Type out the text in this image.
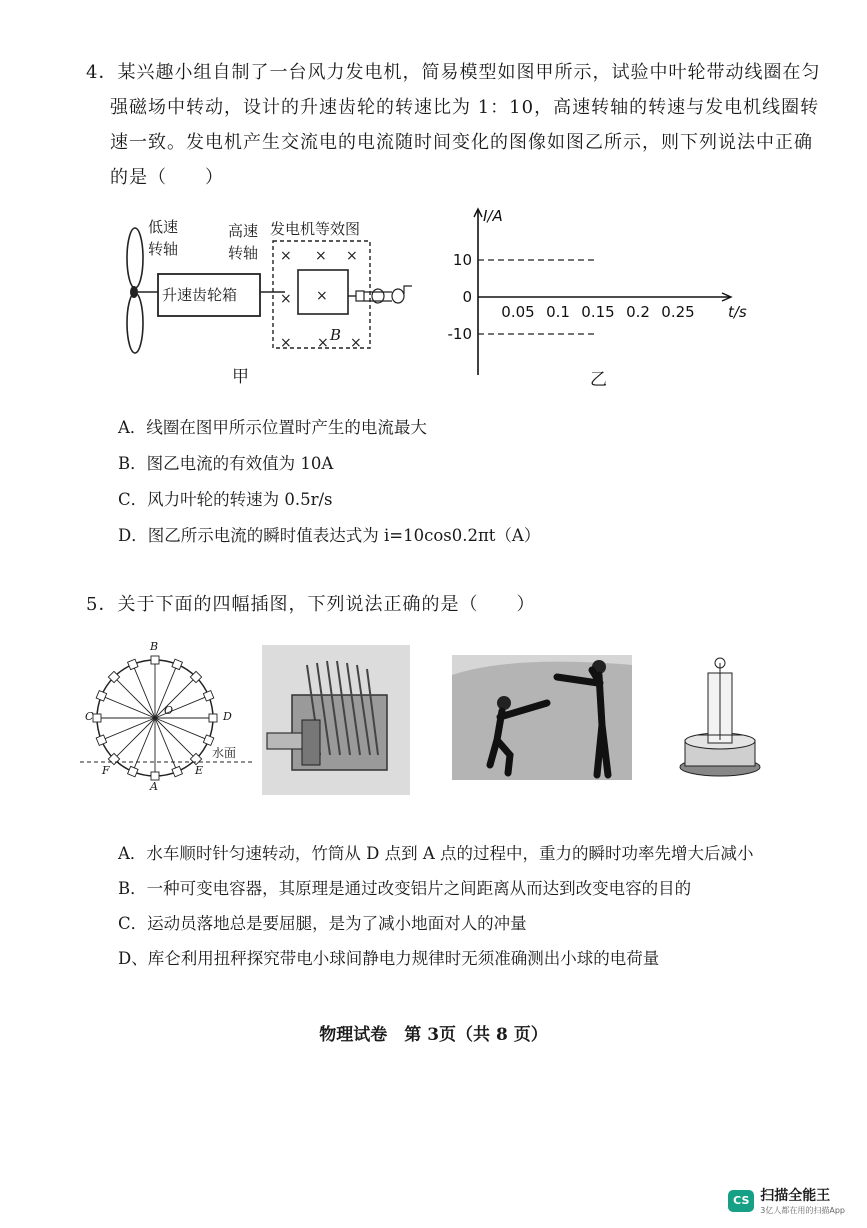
4．某兴趣小组自制了一台风力发电机，简易模型如图甲所示，试验中叶轮带动线圈在匀
强磁场中转动，设计的升速齿轮的转速比为 1：10，高速转轴的转速与发电机线圈转
速一致。发电机产生交流电的电流随时间变化的图像如图乙所示，则下列说法中正确
的是（　　）
× × ×
× ×
× × ×
低速
转轴
高速
转轴
发电机等效图
升速齿轮箱
B
甲
10
0
-10
0.05 0.1 0.15 0.2 0.25
I/A
t/s
乙
A．线圈在图甲所示位置时产生的电流最大
B．图乙电流的有效值为 10A
C．风力叶轮的转速为 0.5r/s
D．图乙所示电流的瞬时值表达式为 i=10cos0.2πt（A）
5．关于下面的四幅插图，下列说法正确的是（　　）
B
C	D
O
F
A
E
水面
A．水车顺时针匀速转动，竹筒从 D 点到 A 点的过程中，重力的瞬时功率先增大后减小
B．一种可变电容器，其原理是通过改变铝片之间距离从而达到改变电容的目的
C．运动员落地总是要屈腿，是为了减小地面对人的冲量
D、库仑利用扭秤探究带电小球间静电力规律时无须准确测出小球的电荷量
物理试卷　第 3页（共 8 页）
CS 扫描全能王
3亿人都在用的扫描App
